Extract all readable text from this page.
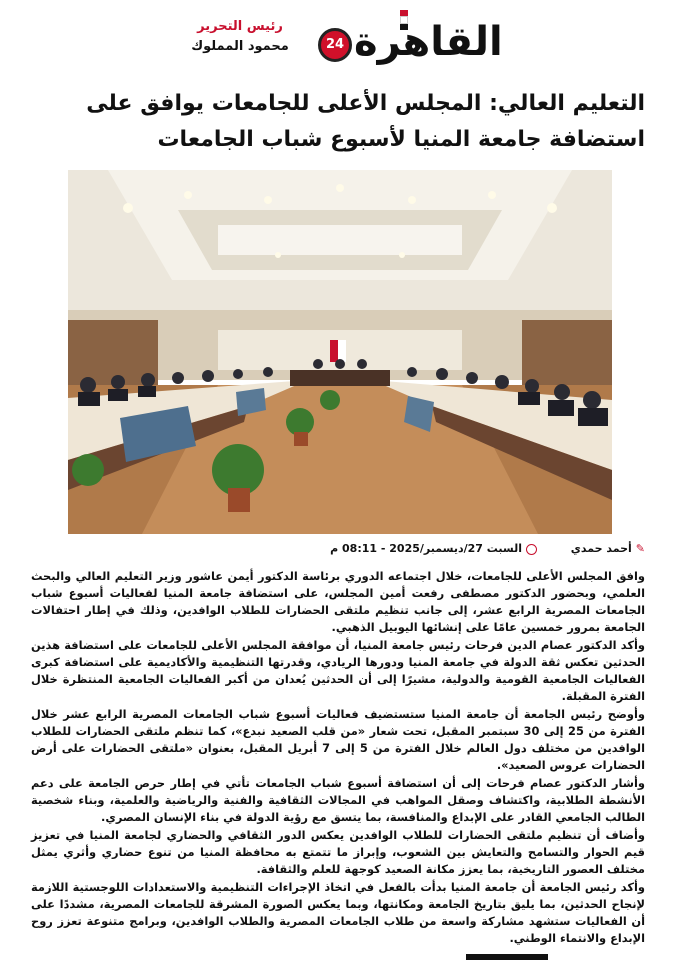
24 القاهرة
رئيس التحرير
محمود المملوك
التعليم العالي: المجلس الأعلى للجامعات يوافق على استضافة جامعة المنيا لأسبوع شباب الجامعات
✎أحمد حمدي
السبت 27/ديسمبر/2025 - 08:11 م

وافق المجلس الأعلى للجامعات، خلال اجتماعه الدوري برئاسة الدكتور أيمن عاشور وزير التعليم العالي والبحث العلمي، وبحضور الدكتور مصطفى رفعت أمين المجلس، على استضافة جامعة المنيا لفعاليات أسبوع شباب الجامعات المصرية الرابع عشر، إلى جانب تنظيم ملتقى الحضارات للطلاب الوافدين، وذلك في إطار احتفالات الجامعة بمرور خمسين عامًا على إنشائها اليوبيل الذهبي.

وأكد الدكتور عصام الدين فرحات رئيس جامعة المنيا، أن موافقة المجلس الأعلى للجامعات على استضافة هذين الحدثين تعكس ثقة الدولة في جامعة المنيا ودورها الريادي، وقدرتها التنظيمية والأكاديمية على استضافة كبرى الفعاليات الجامعية القومية والدولية، مشيرًا إلى أن الحدثين يُعدان من أكبر الفعاليات الجامعية المنتظرة خلال الفترة المقبلة.

وأوضح رئيس الجامعة أن جامعة المنيا ستستضيف فعاليات أسبوع شباب الجامعات المصرية الرابع عشر خلال الفترة من 25 إلى 30 سبتمبر المقبل، تحت شعار «من قلب الصعيد نبدع»، كما تنظم ملتقى الحضارات للطلاب الوافدين من مختلف دول العالم خلال الفترة من 5 إلى 7 أبريل المقبل، بعنوان «ملتقى الحضارات على أرض الحضارات عروس الصعيد».

وأشار الدكتور عصام فرحات إلى أن استضافة أسبوع شباب الجامعات تأتي في إطار حرص الجامعة على دعم الأنشطة الطلابية، واكتشاف وصقل المواهب في المجالات الثقافية والفنية والرياضية والعلمية، وبناء شخصية الطالب الجامعي القادر على الإبداع والمنافسة، بما يتسق مع رؤية الدولة في بناء الإنسان المصري.

وأضاف أن تنظيم ملتقى الحضارات للطلاب الوافدين يعكس الدور الثقافي والحضاري لجامعة المنيا في تعزيز قيم الحوار والتسامح والتعايش بين الشعوب، وإبراز ما تتمتع به محافظة المنيا من تنوع حضاري وأثري يمثل مختلف العصور التاريخية، بما يعزز مكانة الصعيد كوجهة للعلم والثقافة.

وأكد رئيس الجامعة أن جامعة المنيا بدأت بالفعل في اتخاذ الإجراءات التنظيمية والاستعدادات اللوجستية اللازمة لإنجاح الحدثين، بما يليق بتاريخ الجامعة ومكانتها، وبما يعكس الصورة المشرقة للجامعات المصرية، مشددًا على أن الفعاليات ستشهد مشاركة واسعة من طلاب الجامعات المصرية والطلاب الوافدين، وبرامج متنوعة تعزز روح الإبداع والانتماء الوطني.
